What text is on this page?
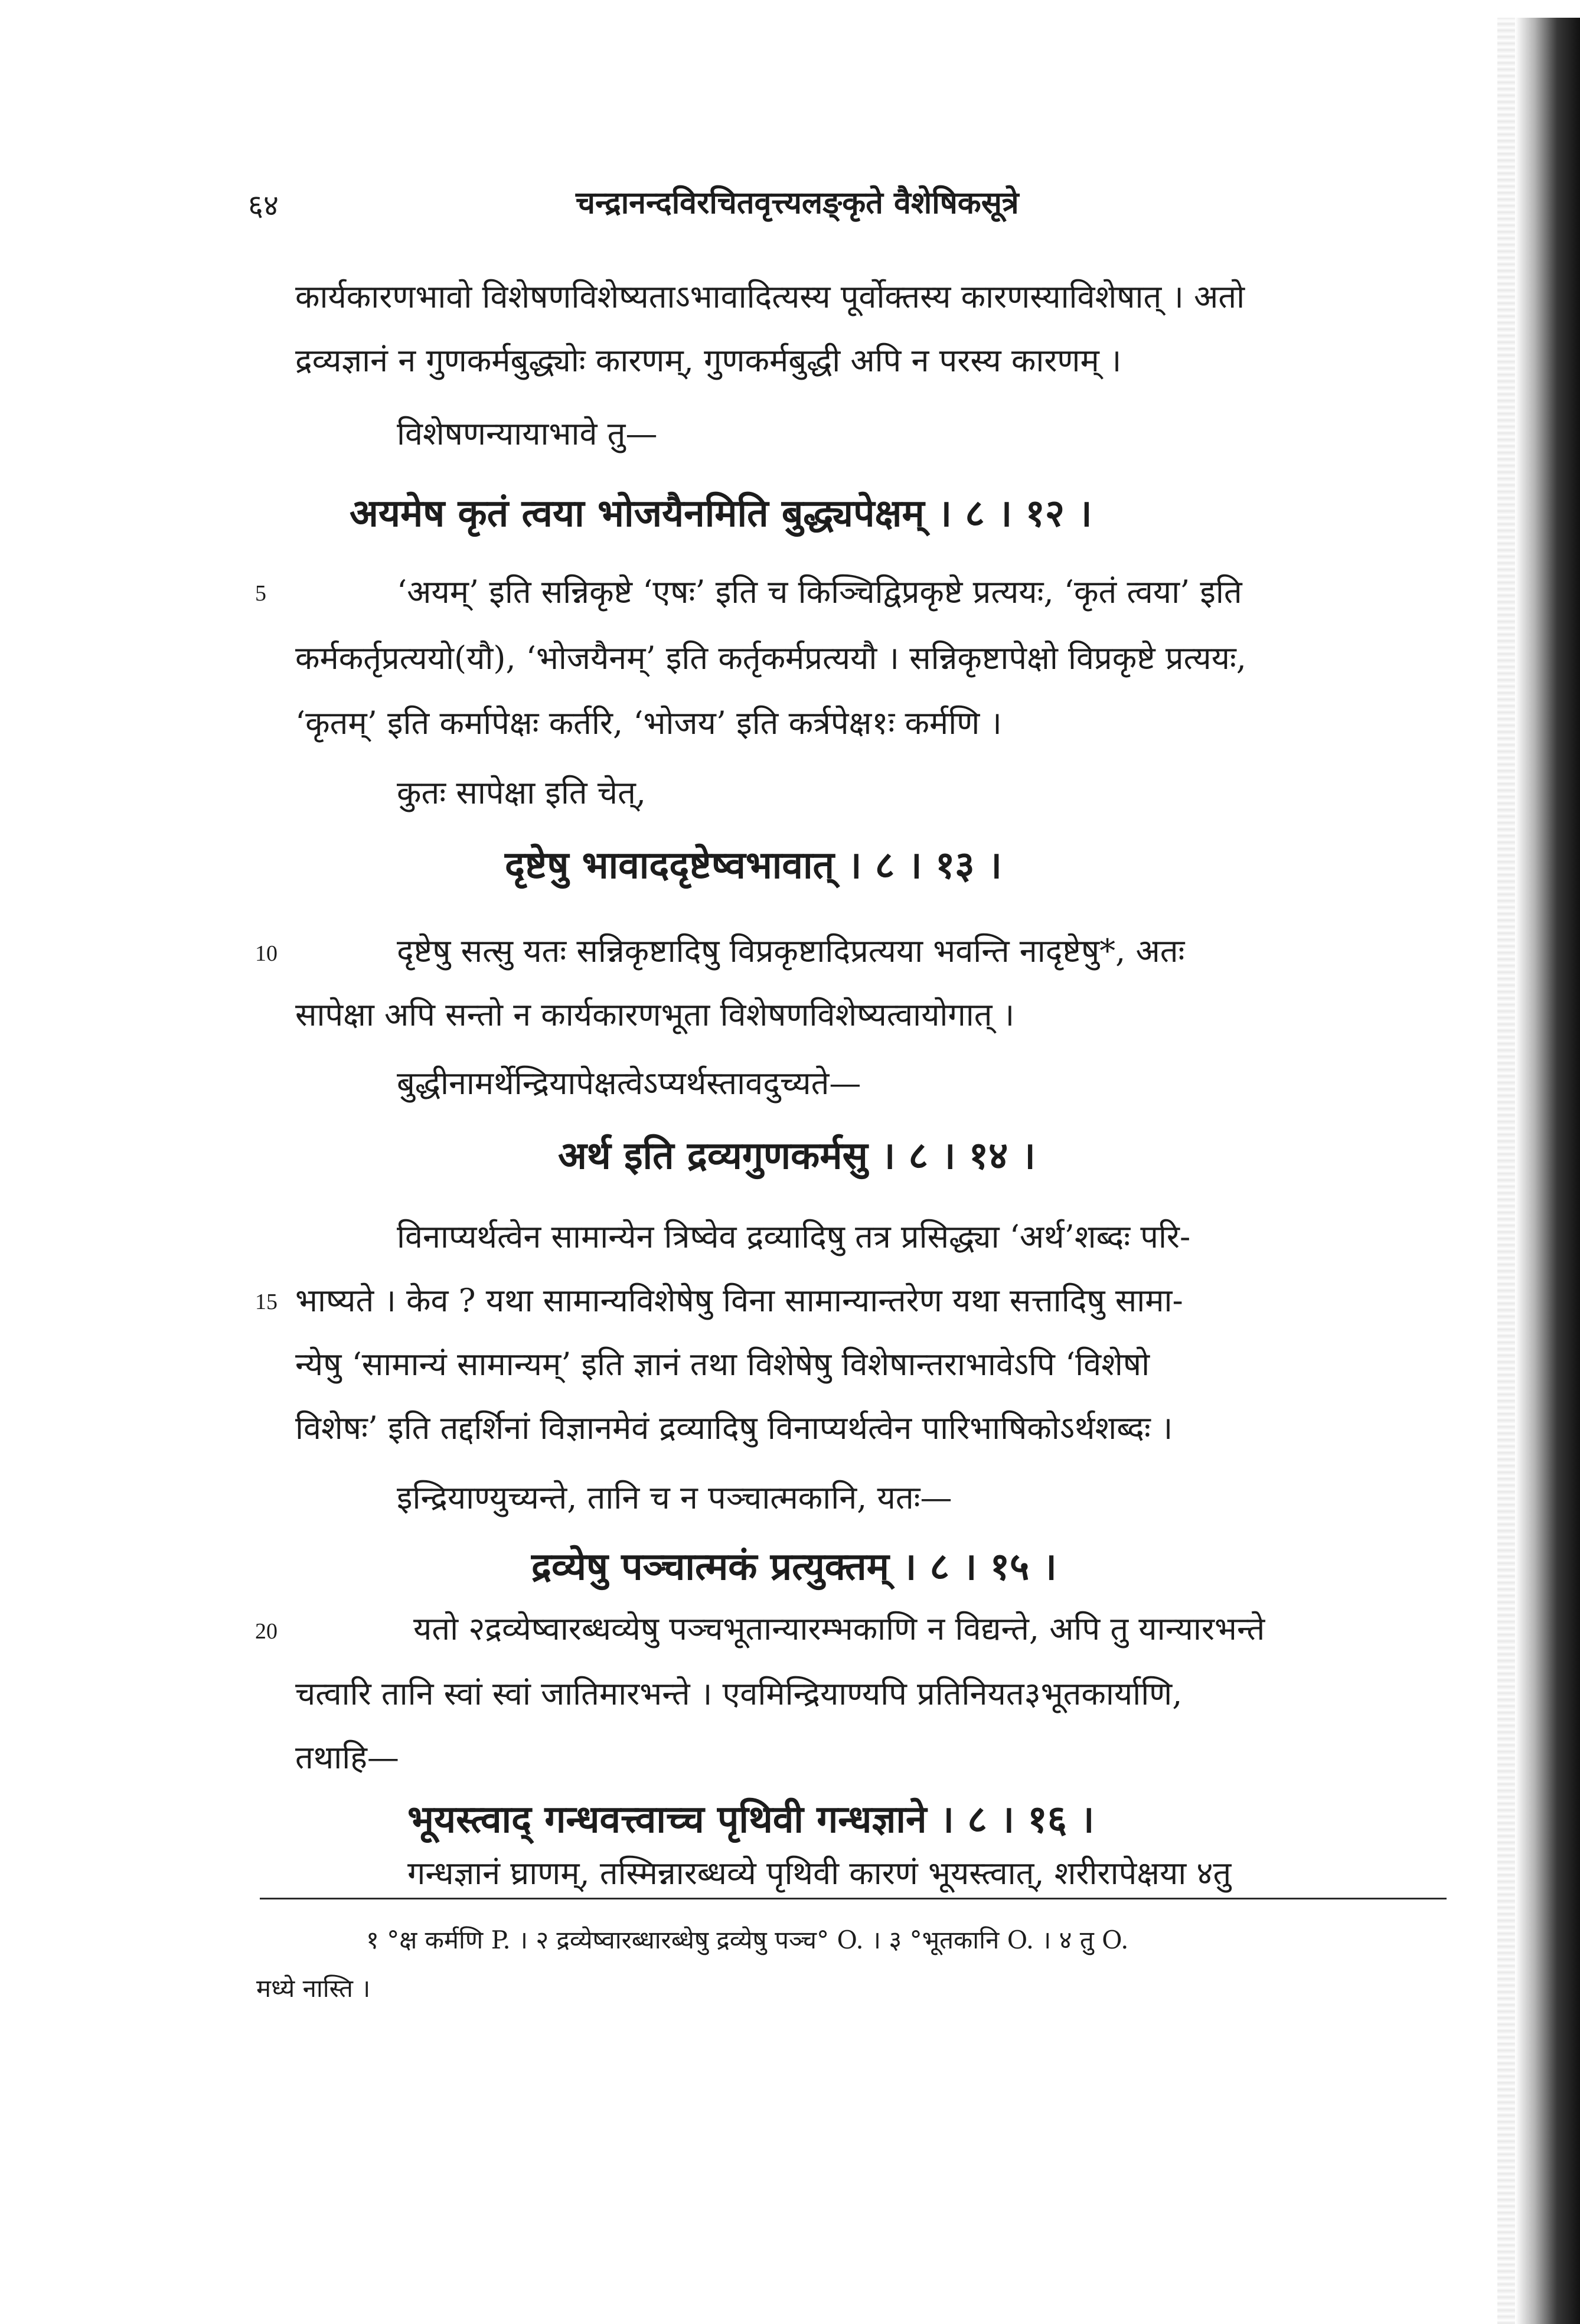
६४	चन्द्रानन्दविरचितवृत्त्यलङ्कृते वैशेषिकसूत्रे
कार्यकारणभावो विशेषणविशेष्यताऽभावादित्यस्य पूर्वोक्तस्य कारणस्याविशेषात् । अतो
द्रव्यज्ञानं न गुणकर्मबुद्ध्योः कारणम्, गुणकर्मबुद्धी अपि न परस्य कारणम् ।
विशेषणन्यायाभावे तु—
अयमेष कृतं त्वया भोजयैनमिति बुद्ध्यपेक्षम् । ८ । १२ ।
5	‘अयम्’ इति सन्निकृष्टे ‘एषः’ इति च किञ्चिद्विप्रकृष्टे प्रत्ययः, ‘कृतं त्वया’ इति
कर्मकर्तृप्रत्ययो(यौ), ‘भोजयैनम्’ इति कर्तृकर्मप्रत्ययौ । सन्निकृष्टापेक्षो विप्रकृष्टे प्रत्ययः,
‘कृतम्’ इति कर्मापेक्षः कर्तरि, ‘भोजय’ इति कर्त्रपेक्ष१ः कर्मणि ।
कुतः सापेक्षा इति चेत्,
दृष्टेषु भावाददृष्टेष्वभावात् । ८ । १३ ।
10	दृष्टेषु सत्सु यतः सन्निकृष्टादिषु विप्रकृष्टादिप्रत्यया भवन्ति नादृष्टेषु*, अतः
सापेक्षा अपि सन्तो न कार्यकारणभूता विशेषणविशेष्यत्वायोगात् ।
बुद्धीनामर्थेन्द्रियापेक्षत्वेऽप्यर्थस्तावदुच्यते—
अर्थ इति द्रव्यगुणकर्मसु । ८ । १४ ।
विनाप्यर्थत्वेन सामान्येन त्रिष्वेव द्रव्यादिषु तत्र प्रसिद्ध्या ‘अर्थ’शब्दः परि-
15 भाष्यते । केव ? यथा सामान्यविशेषेषु विना सामान्यान्तरेण यथा सत्तादिषु सामा-
न्येषु ‘सामान्यं सामान्यम्’ इति ज्ञानं तथा विशेषेषु विशेषान्तराभावेऽपि ‘विशेषो
विशेषः’ इति तद्दर्शिनां विज्ञानमेवं द्रव्यादिषु विनाप्यर्थत्वेन पारिभाषिकोऽर्थशब्दः ।
इन्द्रियाण्युच्यन्ते, तानि च न पञ्चात्मकानि, यतः—
द्रव्येषु पञ्चात्मकं प्रत्युक्तम् । ८ । १५ ।
20	यतो २द्रव्येष्वारब्धव्येषु पञ्चभूतान्यारम्भकाणि न विद्यन्ते, अपि तु यान्यारभन्ते
चत्वारि तानि स्वां स्वां जातिमारभन्ते । एवमिन्द्रियाण्यपि प्रतिनियत३भूतकार्याणि,
तथाहि—
भूयस्त्वाद् गन्धवत्त्वाच्च पृथिवी गन्धज्ञाने । ८ । १६ ।
गन्धज्ञानं घ्राणम्, तस्मिन्नारब्धव्ये पृथिवी कारणं भूयस्त्वात्, शरीरापेक्षया ४तु
१ °क्ष कर्मणि P. । २ द्रव्येष्वारब्धारब्धेषु द्रव्येषु पञ्च° O. । ३ °भूतकानि O. । ४ तु O.
मध्ये नास्ति ।
